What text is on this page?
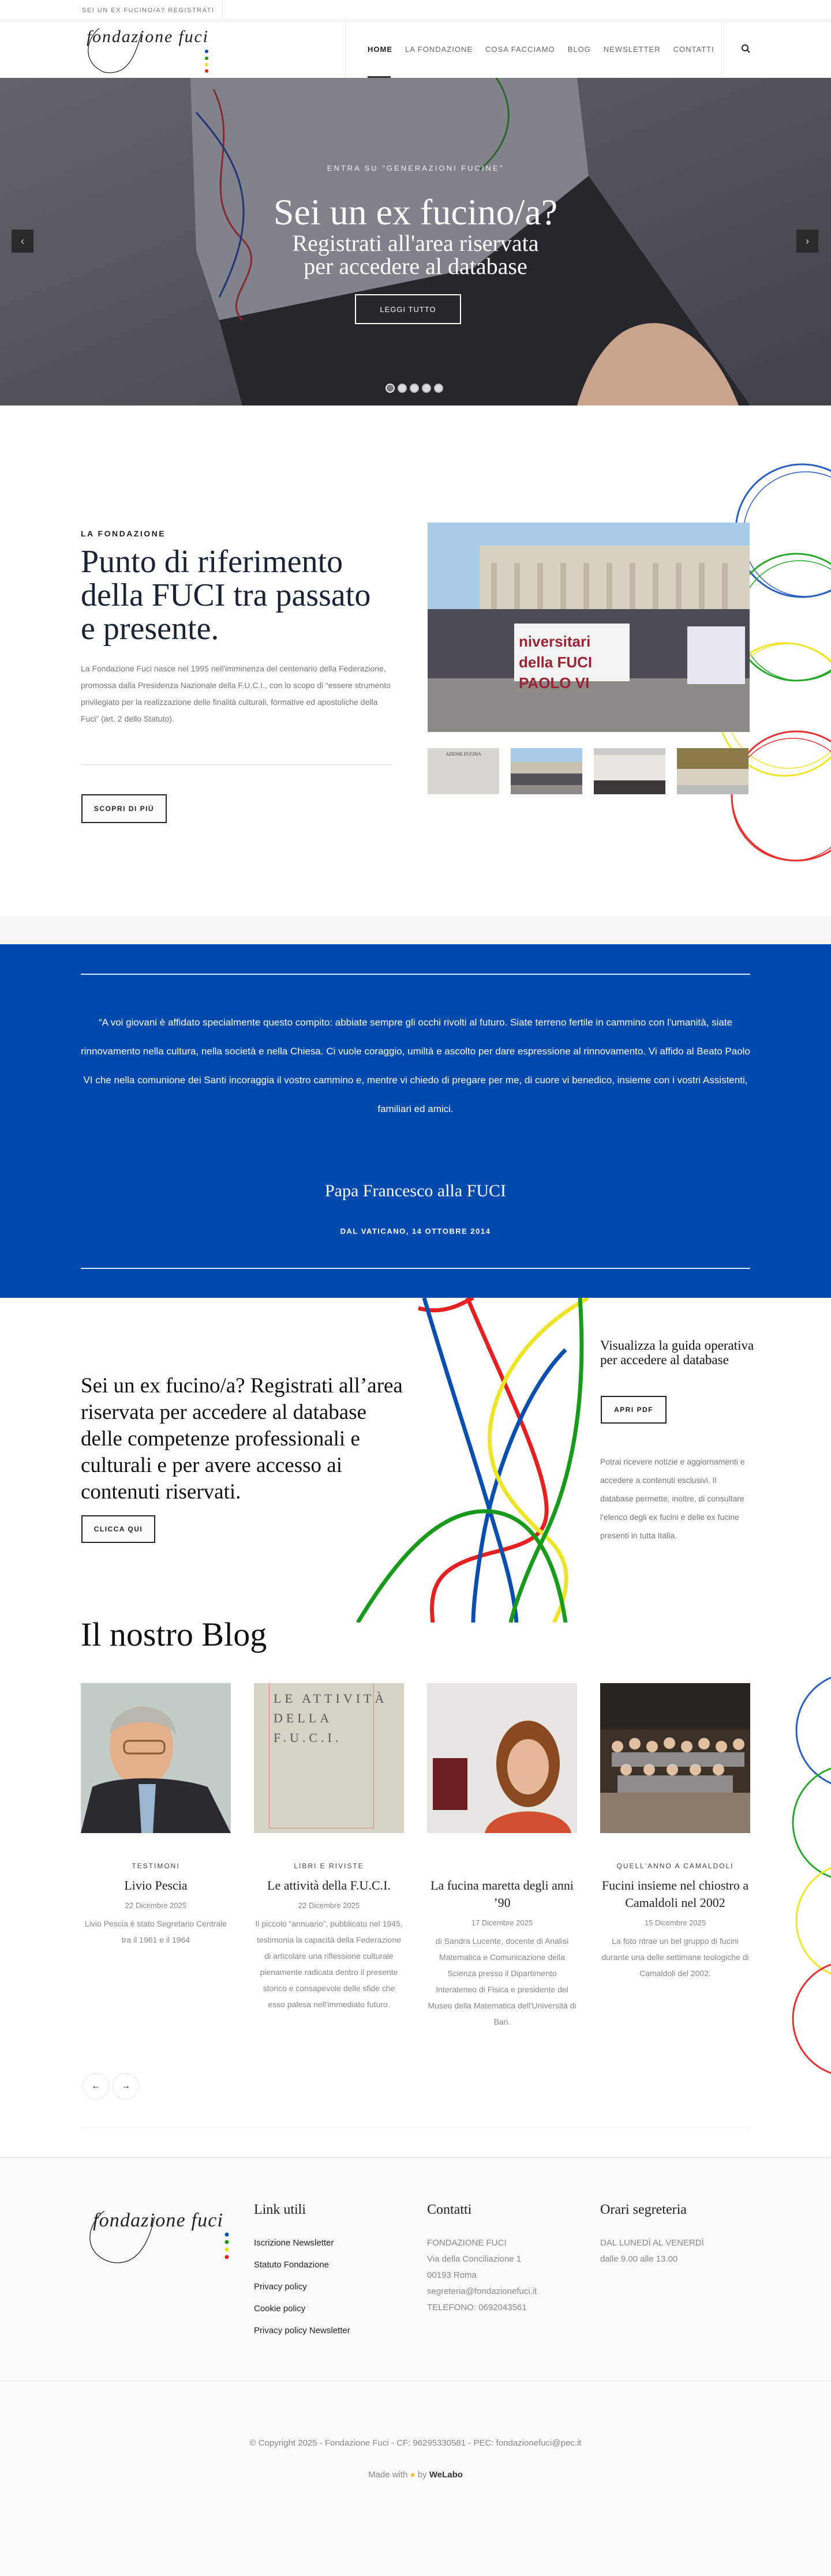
SEI UN EX FUCINO/A? REGISTRATI
fondazione fuci
HOME LA FONDAZIONE COSA FACCIAMO BLOG NEWSLETTER CONTATTI
ENTRA SU "GENERAZIONI FUCINE"
Sei un ex fucino/a?
Registrati all'area riservata
per accedere al database
LEGGI TUTTO
‹	›
LA FONDAZIONE
Punto di riferimento
della FUCI tra passato
e presente.

La Fondazione Fuci nasce nel 1995 nell'imminenza del centenario della Federazione, promossa dalla Presidenza Nazionale della F.U.C.I., con lo scopo di “essere strumento privilegiato per la realizzazione delle finalità culturali, formative ed apostoliche della Fuci” (art. 2 dello Statuto).

SCOPRI DI PIÙ
niversitari della FUCI PAOLO VI
AZIONE FUCINA

“A voi giovani è affidato specialmente questo compito: abbiate sempre gli occhi rivolti al futuro. Siate terreno fertile in cammino con l'umanità, siate rinnovamento nella cultura, nella società e nella Chiesa. Ci vuole coraggio, umiltà e ascolto per dare espressione al rinnovamento. Vi affido al Beato Paolo VI che nella comunione dei Santi incoraggia il vostro cammino e, mentre vi chiedo di pregare per me, di cuore vi benedico, insieme con i vostri Assistenti, familiari ed amici.

Papa Francesco alla FUCI
DAL VATICANO, 14 OTTOBRE 2014
Sei un ex fucino/a? Registrati all’area riservata per accedere al database delle competenze professionali e culturali e per avere accesso ai contenuti riservati.
CLICCA QUI
Visualizza la guida operativa per accedere al database
APRI PDF

Potrai ricevere notizie e aggiornamenti e accedere a contenuti esclusivi. Il database permette, inoltre, di consultare l'elenco degli ex fucini e delle ex fucine presenti in tutta Italia.

Il nostro Blog
TESTIMONI
Livio Pescia
22 Dicembre 2025
Livio Pescia è stato Segretario Centrale tra il 1961 e il 1964
LE ATTIVITÀ
DELLA F.U.C.I.
LIBRI E RIVISTE
Le attività della F.U.C.I.
22 Dicembre 2025
Il piccolo “annuario”, pubblicato nel 1945, testimonia la capacità della Federazione di articolare una riflessione culturale pienamente radicata dentro il presente storico e consapevole delle sfide che esso palesa nell'immediato futuro.
La fucina maretta degli anni ’90
17 Dicembre 2025
di Sandra Lucente, docente di Analisi Matematica e Comunicazione della Scienza presso il Dipartimento Interateneo di Fisica e presidente del Museo della Matematica dell'Università di Bari.
QUELL'ANNO A CAMALDOLI
Fucini insieme nel chiostro a Camaldoli nel 2002
15 Dicembre 2025
La foto ritrae un bel gruppo di fucini durante una delle settimane teologiche di Camaldoli del 2002.
← →
fondazione fuci Link utili
Iscrizione Newsletter
Statuto Fondazione
Privacy policy
Cookie policy
Privacy policy Newsletter
Contatti
FONDAZIONE FUCI
Via della Conciliazione 1
00193 Roma
segreteria@fondazionefuci.it
TELEFONO: 0692043561
Orari segreteria
DAL LUNEDÌ AL VENERDÌ
dalle 9.00 alle 13.00
© Copyright 2025 - Fondazione Fuci - CF: 96295330581 - PEC: fondazionefuci@pec.it
Made with ● by WeLabo
